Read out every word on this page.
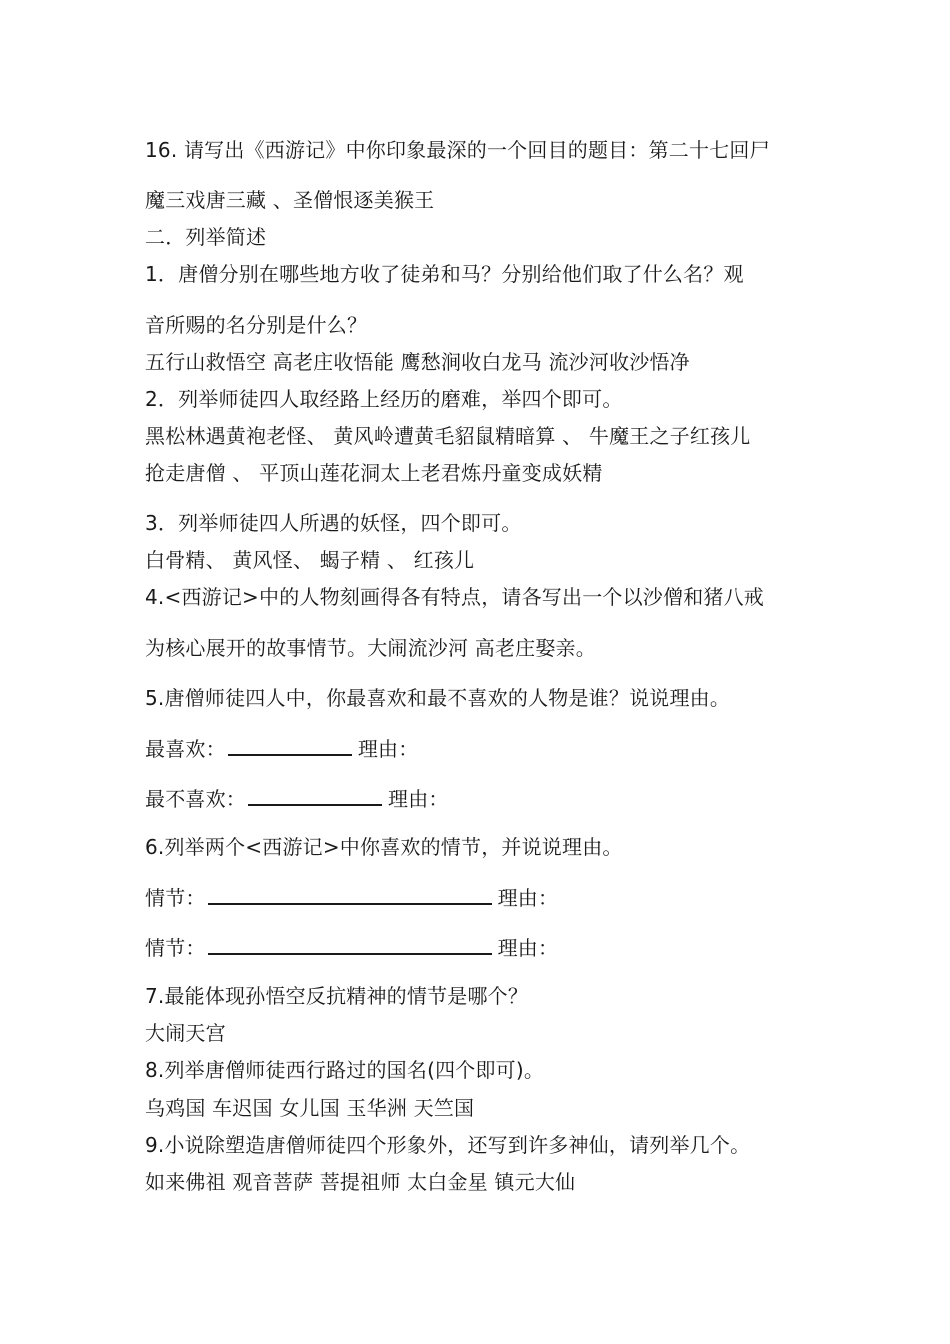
16. 请写出《西游记》中你印象最深的一个回目的题目：第二十七回尸
魔三戏唐三藏 、圣僧恨逐美猴王
二．列举简述
1．唐僧分别在哪些地方收了徒弟和马？分别给他们取了什么名？观
音所赐的名分别是什么？
五行山救悟空 高老庄收悟能 鹰愁涧收白龙马 流沙河收沙悟净
2．列举师徒四人取经路上经历的磨难，举四个即可。
黑松林遇黄袍老怪、 黄风岭遭黄毛貂鼠精暗算 、 牛魔王之子红孩儿
抢走唐僧 、 平顶山莲花洞太上老君炼丹童变成妖精
3．列举师徒四人所遇的妖怪，四个即可。
白骨精、 黄风怪、 蝎子精 、 红孩儿
4.<西游记>中的人物刻画得各有特点，请各写出一个以沙僧和猪八戒
为核心展开的故事情节。大闹流沙河 高老庄娶亲。
5.唐僧师徒四人中，你最喜欢和最不喜欢的人物是谁？说说理由。
最喜欢：	理由：
最不喜欢：	理由：
6.列举两个<西游记>中你喜欢的情节，并说说理由。
情节：	理由：
情节：	理由：
7.最能体现孙悟空反抗精神的情节是哪个？
大闹天宫
8.列举唐僧师徒西行路过的国名(四个即可)。
乌鸡国 车迟国 女儿国 玉华洲 天竺国
9.小说除塑造唐僧师徒四个形象外，还写到许多神仙，请列举几个。
如来佛祖 观音菩萨 菩提祖师 太白金星 镇元大仙
